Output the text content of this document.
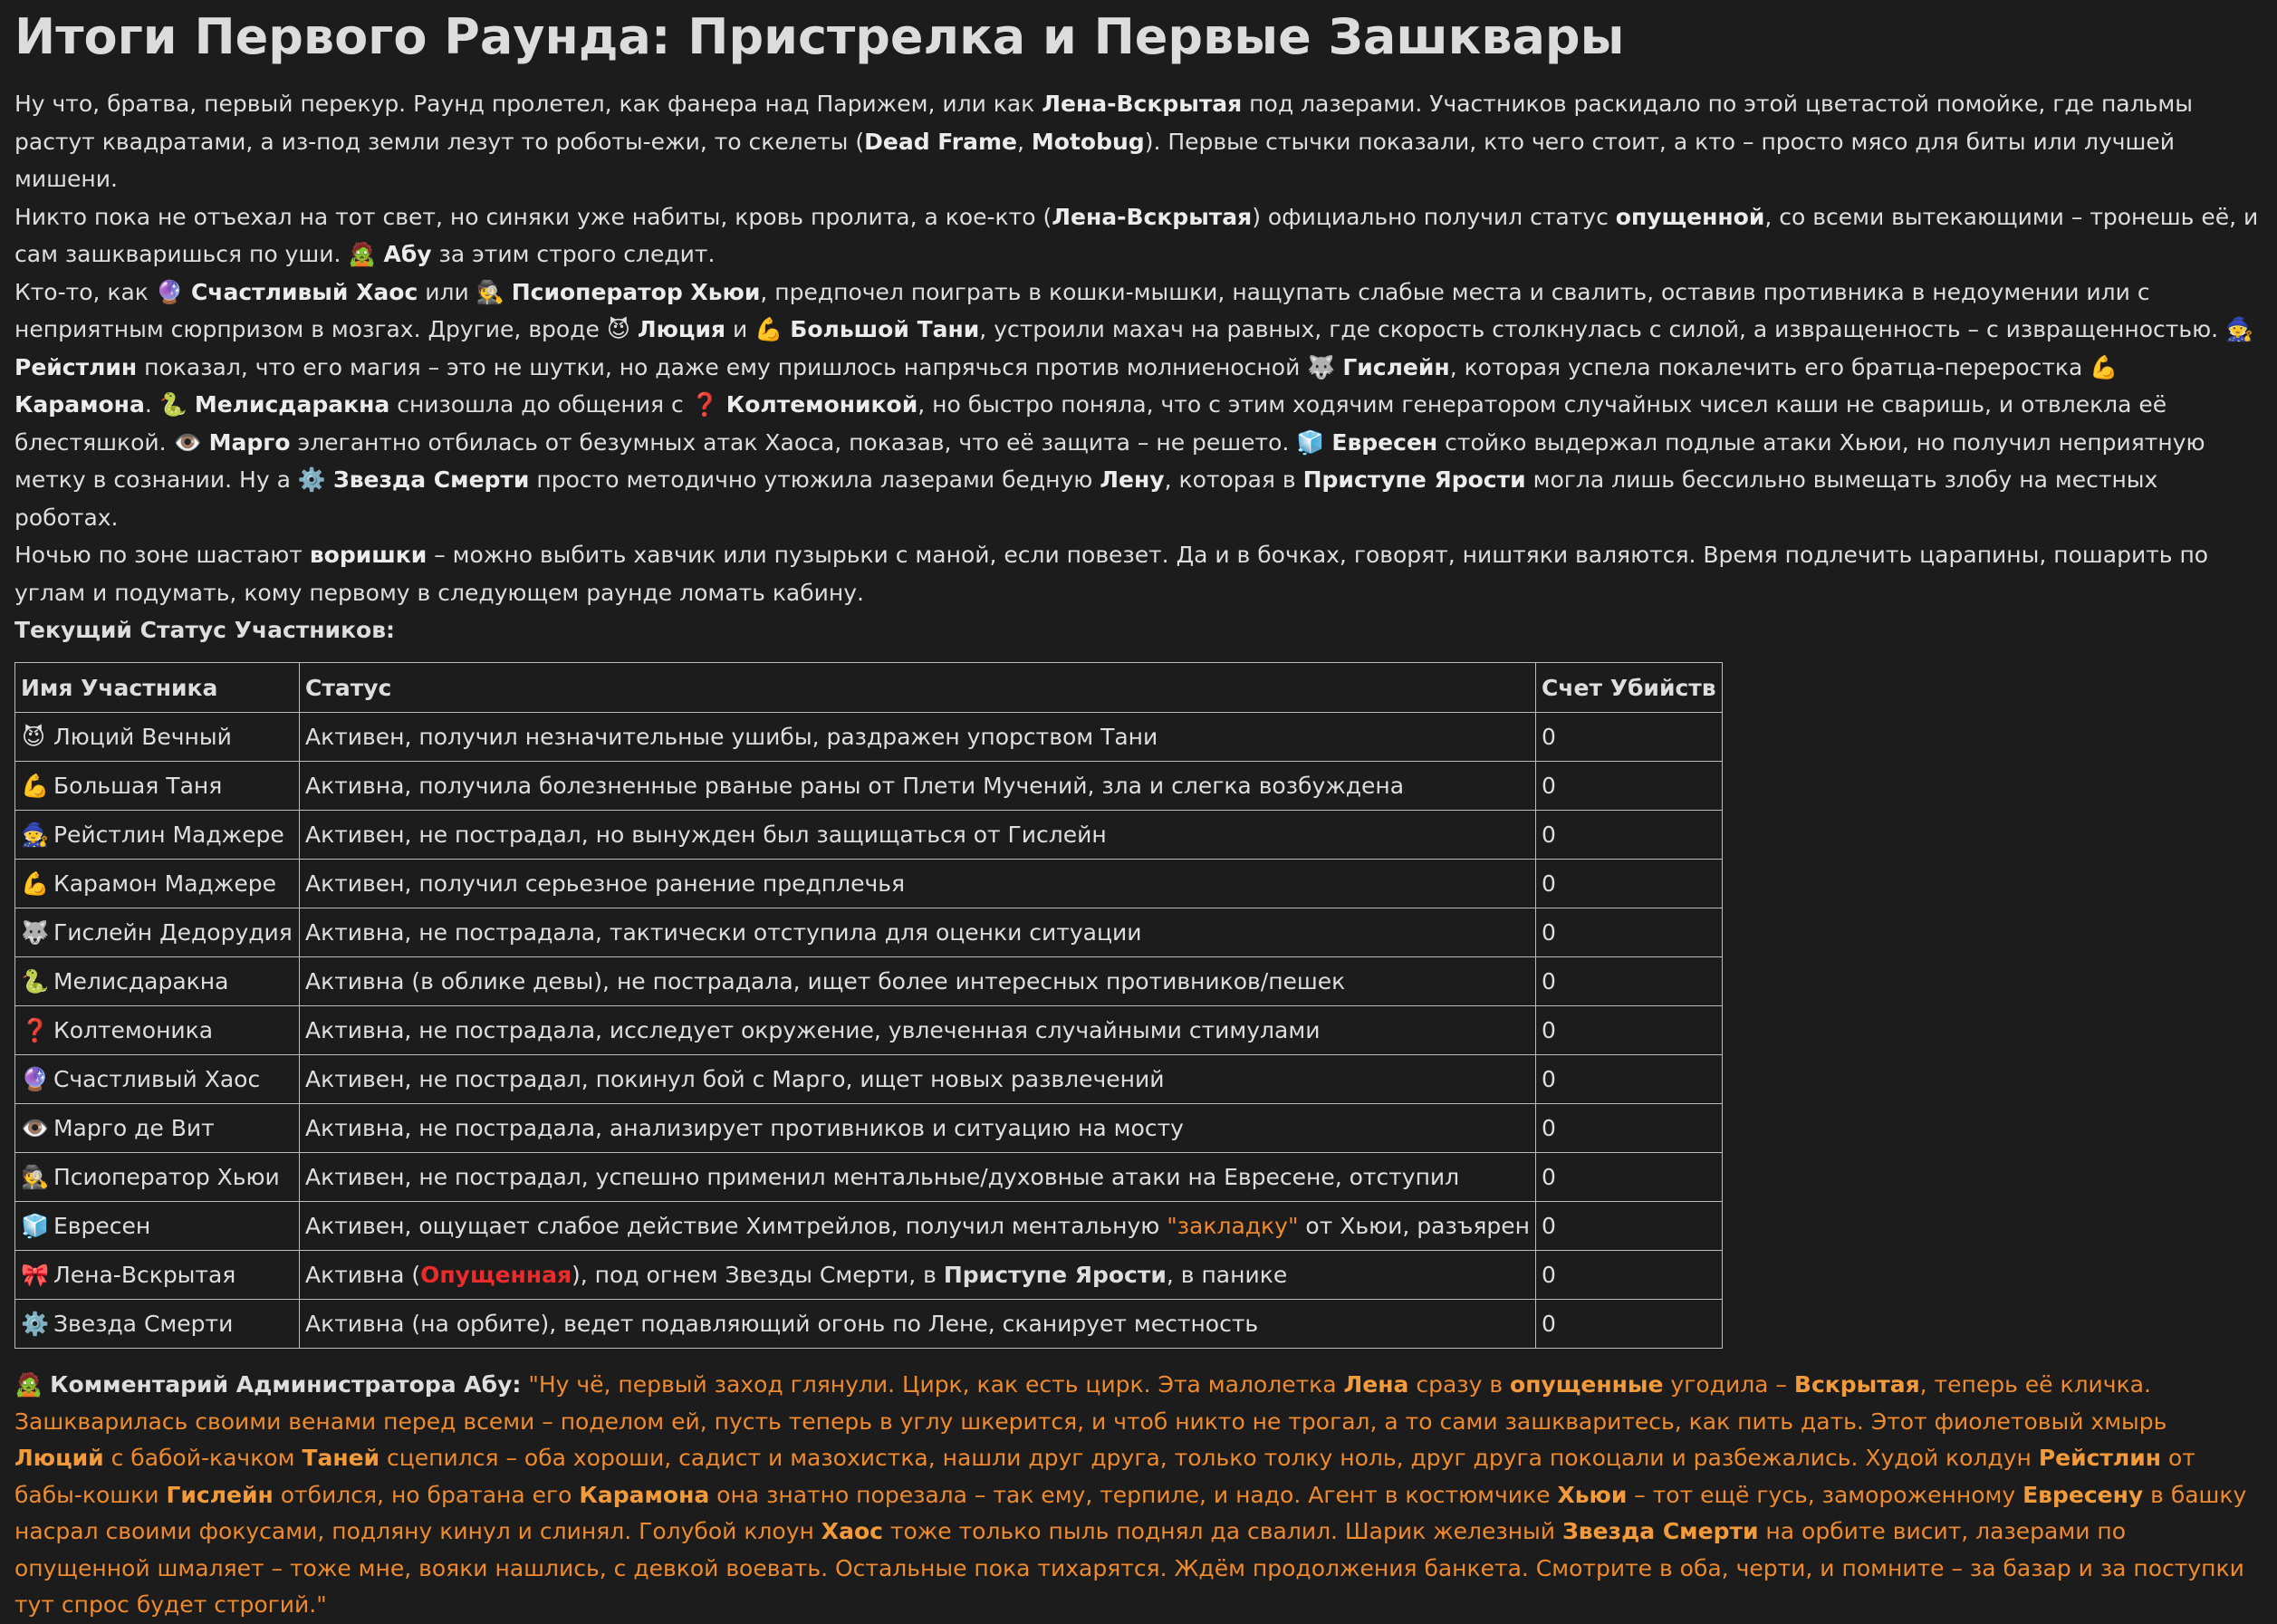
Итоги Первого Раунда: Пристрелка и Первые Зашквары

Ну что, братва, первый перекур. Раунд пролетел, как фанера над Парижем, или как Лена-Вскрытая под лазерами. Участников раскидало по этой цветастой помойке, где пальмы растут квадратами, а из-под земли лезут то роботы-ежи, то скелеты (Dead Frame, Motobug). Первые стычки показали, кто чего стоит, а кто – просто мясо для биты или лучшей мишени.

Никто пока не отъехал на тот свет, но синяки уже набиты, кровь пролита, а кое-кто (Лена-Вскрытая) официально получил статус опущенной, со всеми вытекающими – тронешь её, и сам зашкваришься по уши. 🧟 Абу за этим строго следит.

Кто-то, как 🔮 Счастливый Хаос или 🕵️ Псиоператор Хьюи, предпочел поиграть в кошки-мышки, нащупать слабые места и свалить, оставив противника в недоумении или с неприятным сюрпризом в мозгах. Другие, вроде 😈 Люция и 💪 Большой Тани, устроили махач на равных, где скорость столкнулась с силой, а извращенность – с извращенностью. 🧙 Рейстлин показал, что его магия – это не шутки, но даже ему пришлось напрячься против молниеносной 🐺 Гислейн, которая успела покалечить его братца-переростка 💪 Карамона. 🐍 Мелисдаракна снизошла до общения с ❓ Колтемоникой, но быстро поняла, что с этим ходячим генератором случайных чисел каши не сваришь, и отвлекла её блестяшкой. 👁️ Марго элегантно отбилась от безумных атак Хаоса, показав, что её защита – не решето. 🧊 Евресен стойко выдержал подлые атаки Хьюи, но получил неприятную метку в сознании. Ну а ⚙️ Звезда Смерти просто методично утюжила лазерами бедную Лену, которая в Приступе Ярости могла лишь бессильно вымещать злобу на местных роботах.

Ночью по зоне шастают воришки – можно выбить хавчик или пузырьки с маной, если повезет. Да и в бочках, говорят, ништяки валяются. Время подлечить царапины, пошарить по углам и подумать, кому первому в следующем раунде ломать кабину.

Текущий Статус Участников:

Имя Участника	Статус	Счет Убийств
😈 Люций Вечный	Активен, получил незначительные ушибы, раздражен упорством Тани	0
💪 Большая Таня	Активна, получила болезненные рваные раны от Плети Мучений, зла и слегка возбуждена	0
🧙 Рейстлин Маджере	Активен, не пострадал, но вынужден был защищаться от Гислейн	0
💪 Карамон Маджере	Активен, получил серьезное ранение предплечья	0
🐺 Гислейн Дедорудия	Активна, не пострадала, тактически отступила для оценки ситуации	0
🐍 Мелисдаракна	Активна (в облике девы), не пострадала, ищет более интересных противников/пешек	0
❓ Колтемоника	Активна, не пострадала, исследует окружение, увлеченная случайными стимулами	0
🔮 Счастливый Хаос	Активен, не пострадал, покинул бой с Марго, ищет новых развлечений	0
👁️ Марго де Вит	Активна, не пострадала, анализирует противников и ситуацию на мосту	0
🕵️ Псиоператор Хьюи	Активен, не пострадал, успешно применил ментальные/духовные атаки на Евресене, отступил	0
🧊 Евресен	Активен, ощущает слабое действие Химтрейлов, получил ментальную "закладку" от Хьюи, разъярен	0
🎀 Лена-Вскрытая	Активна (Опущенная), под огнем Звезды Смерти, в Приступе Ярости, в панике	0
⚙️ Звезда Смерти	Активна (на орбите), ведет подавляющий огонь по Лене, сканирует местность	0
🧟 Комментарий Администратора Абу: "Ну чё, первый заход глянули. Цирк, как есть цирк. Эта малолетка Лена сразу в опущенные угодила – Вскрытая, теперь её кличка. Зашкварилась своими венами перед всеми – поделом ей, пусть теперь в углу шкерится, и чтоб никто не трогал, а то сами зашкваритесь, как пить дать. Этот фиолетовый хмырь Люций с бабой-качком Таней сцепился – оба хороши, садист и мазохистка, нашли друг друга, только толку ноль, друг друга покоцали и разбежались. Худой колдун Рейстлин от бабы-кошки Гислейн отбился, но братана его Карамона она знатно порезала – так ему, терпиле, и надо. Агент в костюмчике Хьюи – тот ещё гусь, замороженному Евресену в башку насрал своими фокусами, подляну кинул и слинял. Голубой клоун Хаос тоже только пыль поднял да свалил. Шарик железный Звезда Смерти на орбите висит, лазерами по опущенной шмаляет – тоже мне, вояки нашлись, с девкой воевать. Остальные пока тихарятся. Ждём продолжения банкета. Смотрите в оба, черти, и помните – за базар и за поступки тут спрос будет строгий."
